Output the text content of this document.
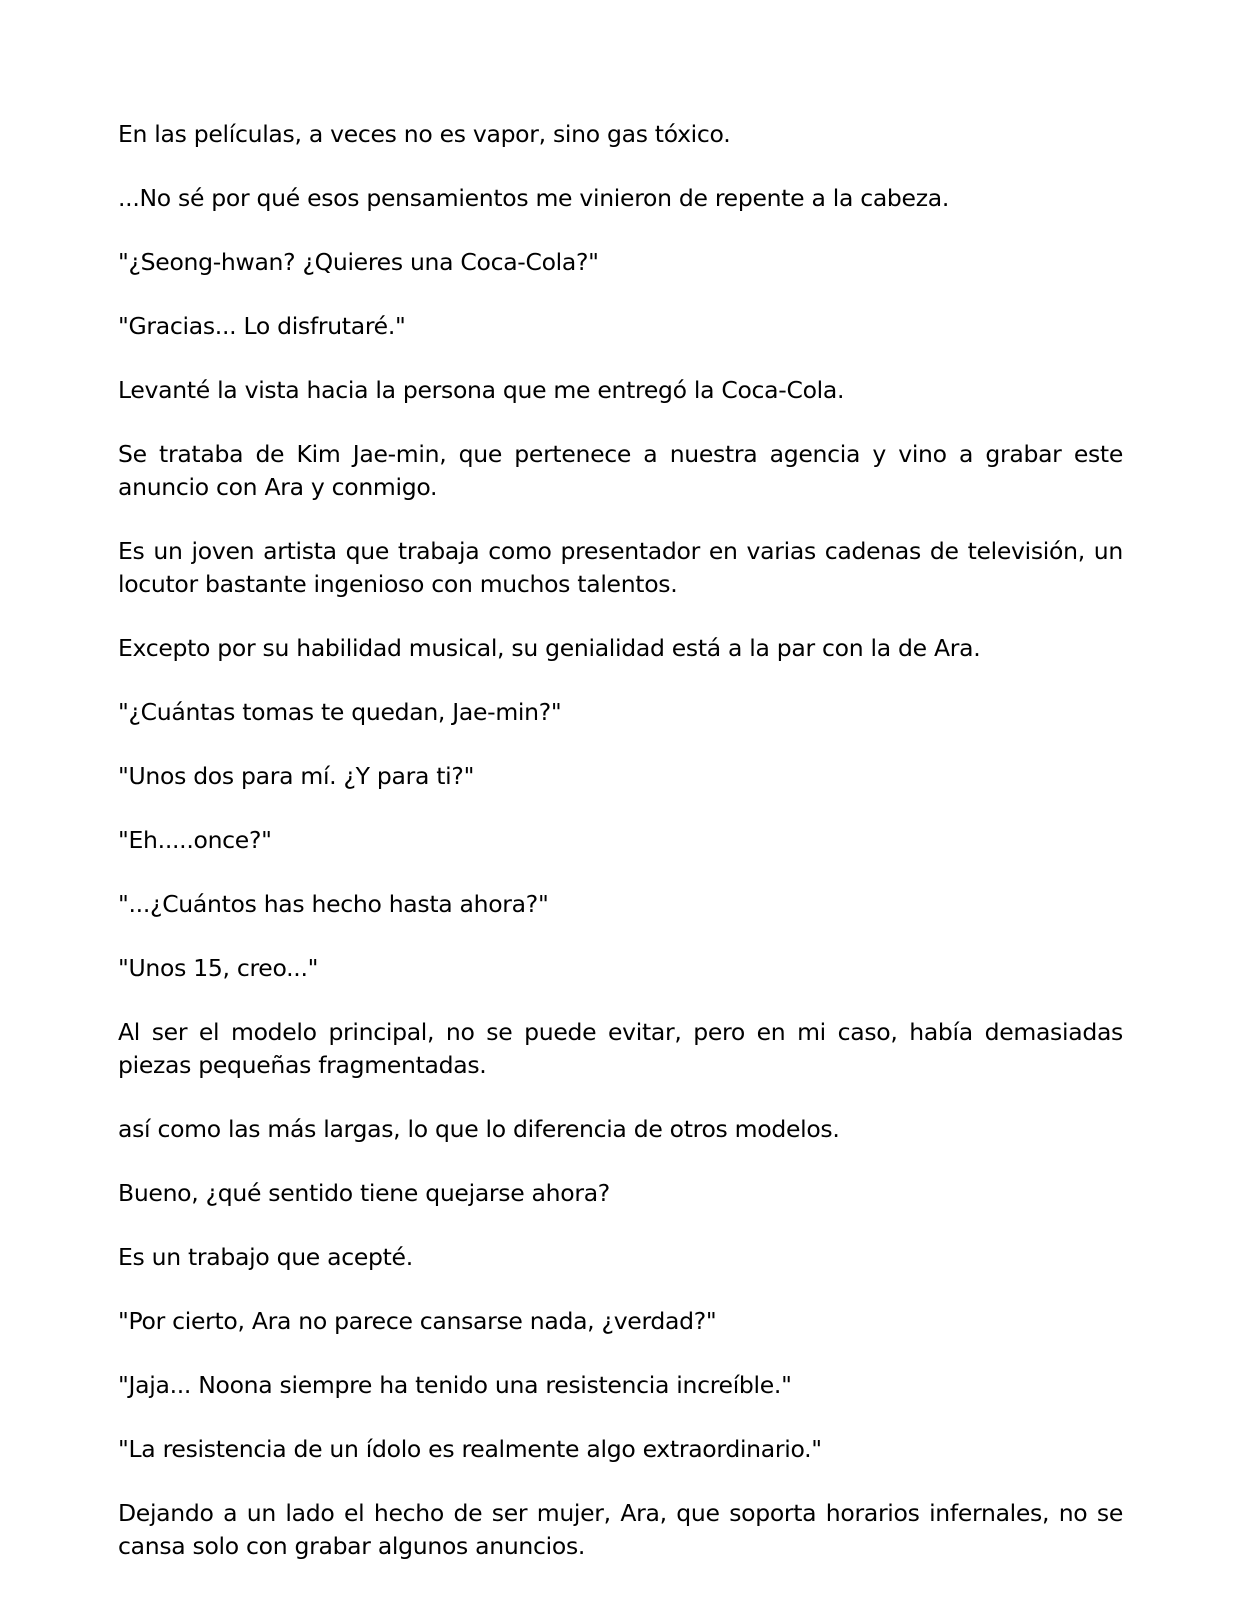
En las películas, a veces no es vapor, sino gas tóxico.

...No sé por qué esos pensamientos me vinieron de repente a la cabeza.

"¿Seong-hwan? ¿Quieres una Coca-Cola?"

"Gracias... Lo disfrutaré."

Levanté la vista hacia la persona que me entregó la Coca-Cola.

Se trataba de Kim Jae-min, que pertenece a nuestra agencia y vino a grabar este anuncio con Ara y conmigo.

Es un joven artista que trabaja como presentador en varias cadenas de televisión, un locutor bastante ingenioso con muchos talentos.

Excepto por su habilidad musical, su genialidad está a la par con la de Ara.

"¿Cuántas tomas te quedan, Jae-min?"

"Unos dos para mí. ¿Y para ti?"

"Eh.....once?"

"...¿Cuántos has hecho hasta ahora?"

"Unos 15, creo..."

Al ser el modelo principal, no se puede evitar, pero en mi caso, había demasiadas piezas pequeñas fragmentadas.

así como las más largas, lo que lo diferencia de otros modelos.

Bueno, ¿qué sentido tiene quejarse ahora?

Es un trabajo que acepté.

"Por cierto, Ara no parece cansarse nada, ¿verdad?"

"Jaja... Noona siempre ha tenido una resistencia increíble."

"La resistencia de un ídolo es realmente algo extraordinario."

Dejando a un lado el hecho de ser mujer, Ara, que soporta horarios infernales, no se cansa solo con grabar algunos anuncios.
